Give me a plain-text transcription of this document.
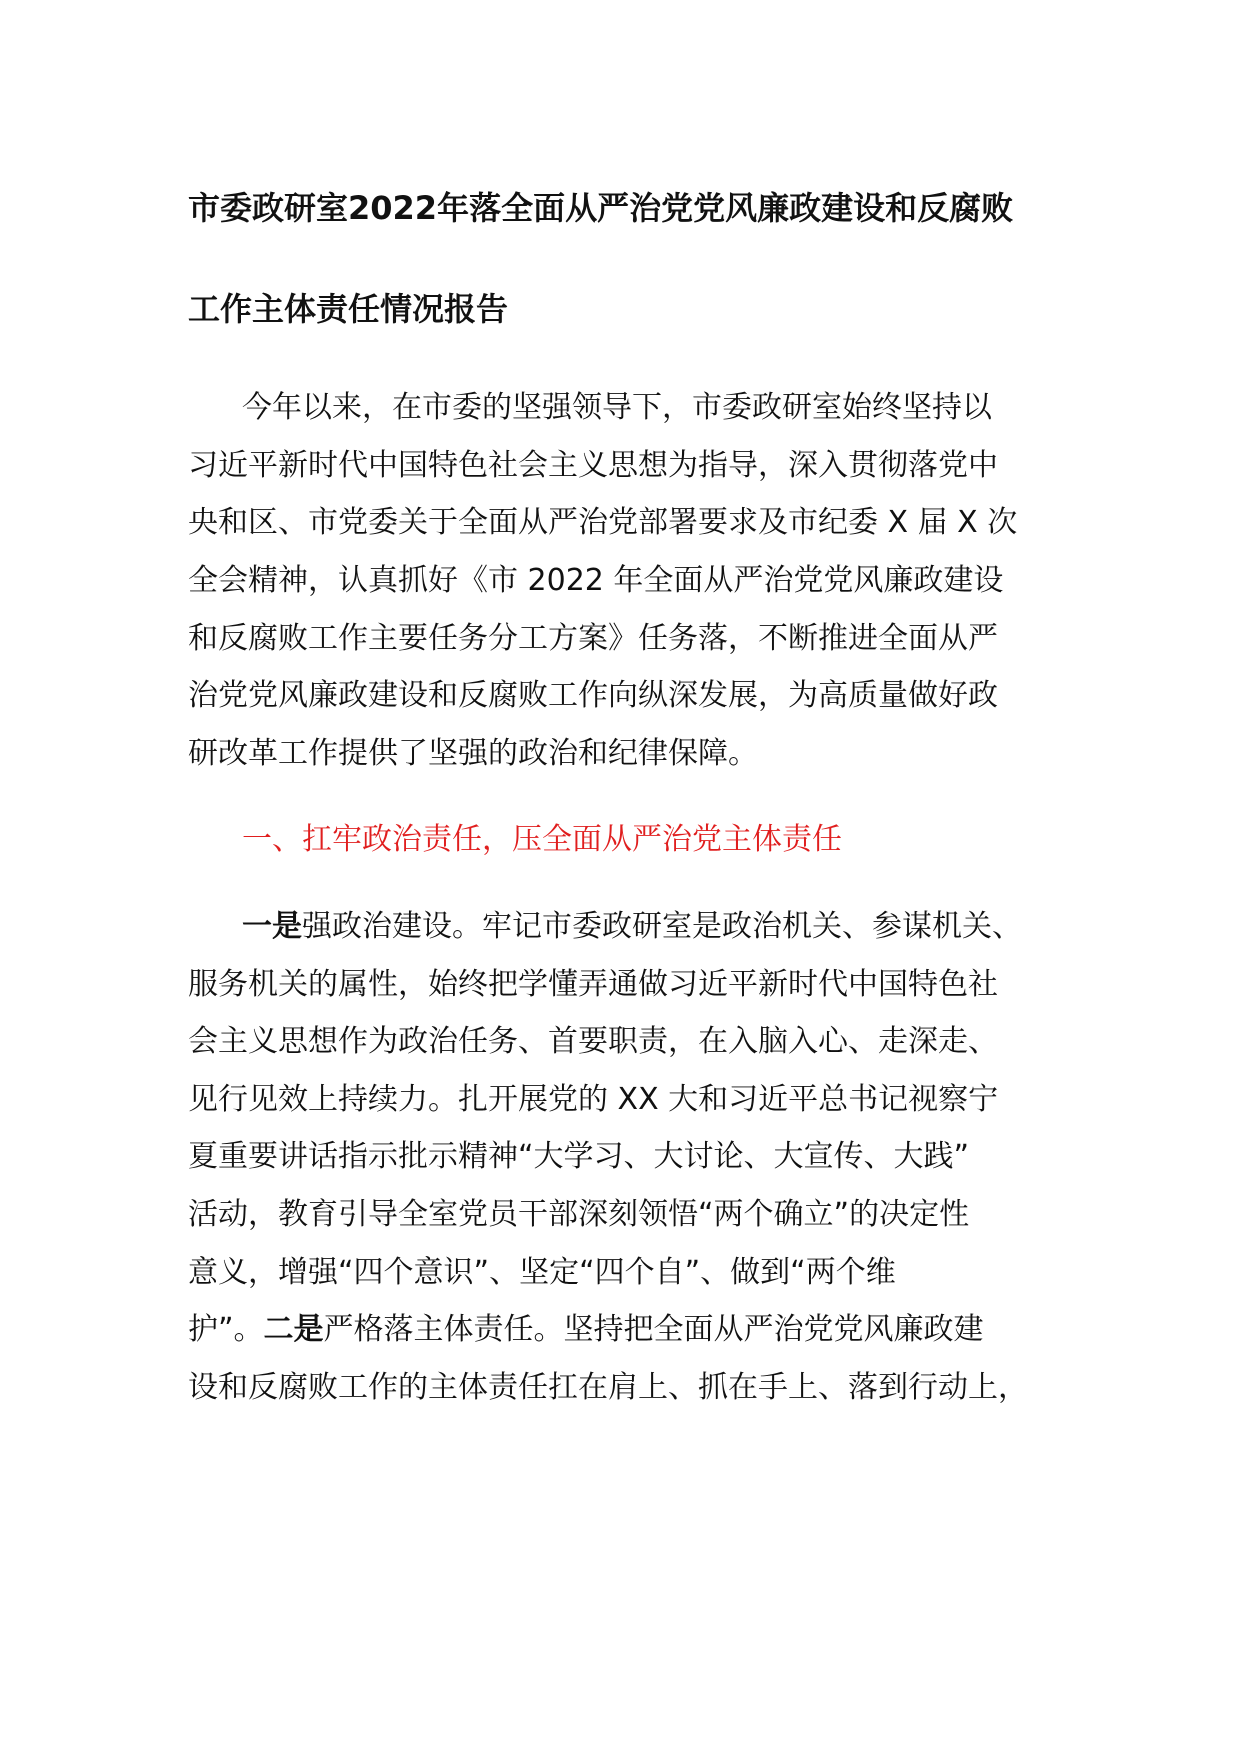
市委政研室2022年落全面从严治党党风廉政建设和反腐败
工作主体责任情况报告
今年以来，在市委的坚强领导下，市委政研室始终坚持以
习近平新时代中国特色社会主义思想为指导，深入贯彻落党中
央和区、市党委关于全面从严治党部署要求及市纪委 X 届 X 次
全会精神，认真抓好《市 2022 年全面从严治党党风廉政建设
和反腐败工作主要任务分工方案》任务落，不断推进全面从严
治党党风廉政建设和反腐败工作向纵深发展，为高质量做好政
研改革工作提供了坚强的政治和纪律保障。
一、扛牢政治责任，压全面从严治党主体责任
一是强政治建设。牢记市委政研室是政治机关、参谋机关、
服务机关的属性，始终把学懂弄通做习近平新时代中国特色社
会主义思想作为政治任务、首要职责，在入脑入心、走深走、
见行见效上持续力。扎开展党的 XX 大和习近平总书记视察宁
夏重要讲话指示批示精神“大学习、大讨论、大宣传、大践”
活动，教育引导全室党员干部深刻领悟“两个确立”的决定性
意义，增强“四个意识”、坚定“四个自”、做到“两个维
护”。二是严格落主体责任。坚持把全面从严治党党风廉政建
设和反腐败工作的主体责任扛在肩上、抓在手上、落到行动上，
